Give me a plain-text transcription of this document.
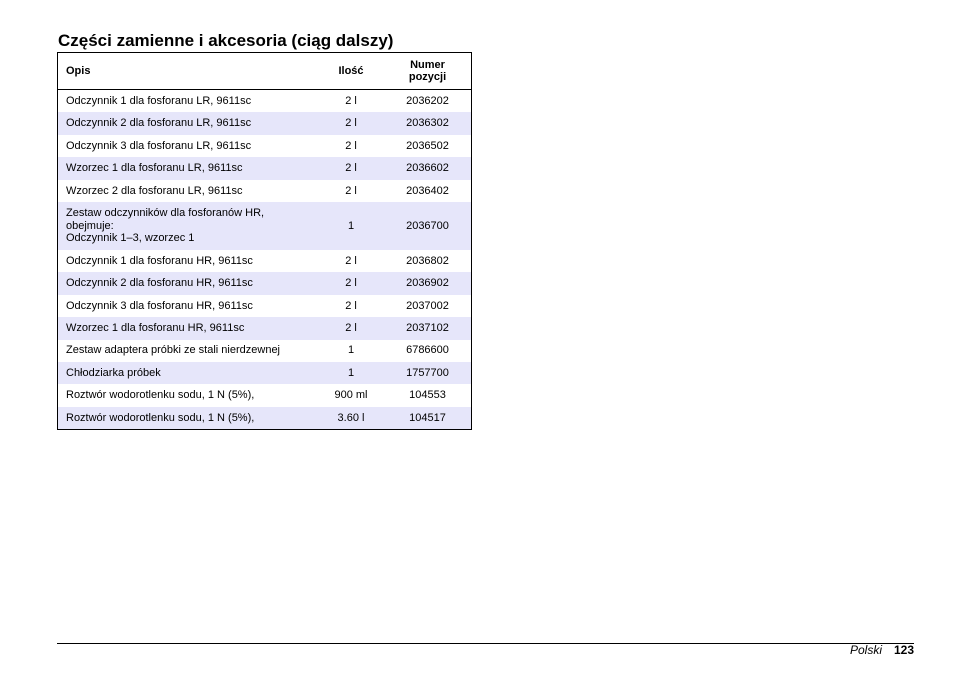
Części zamienne i akcesoria (ciąg dalszy)
Opis	Ilość	Numer
pozycji

Odczynnik 1 dla fosforanu LR, 9611sc	2 l	2036202

Odczynnik 2 dla fosforanu LR, 9611sc	2 l	2036302

Odczynnik 3 dla fosforanu LR, 9611sc	2 l	2036502

Wzorzec 1 dla fosforanu LR, 9611sc	2 l	2036602

Wzorzec 2 dla fosforanu LR, 9611sc	2 l	2036402

Zestaw odczynników dla fosforanów HR,
obejmuje:
Odczynnik 1–3, wzorzec 1	1	2036700

Odczynnik 1 dla fosforanu HR, 9611sc	2 l	2036802

Odczynnik 2 dla fosforanu HR, 9611sc	2 l	2036902

Odczynnik 3 dla fosforanu HR, 9611sc	2 l	2037002

Wzorzec 1 dla fosforanu HR, 9611sc	2 l	2037102

Zestaw adaptera próbki ze stali nierdzewnej	1	6786600

Chłodziarka próbek	1	1757700

Roztwór wodorotlenku sodu, 1 N (5%),	900 ml	104553

Roztwór wodorotlenku sodu, 1 N (5%),	3.60 l	104517
Polski 123
